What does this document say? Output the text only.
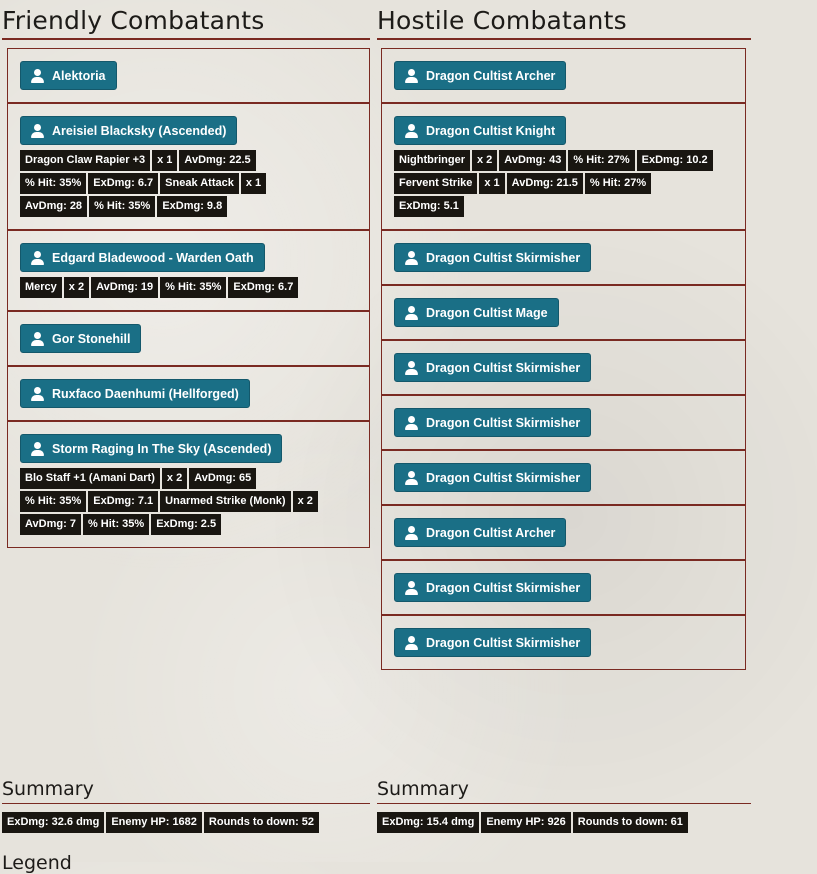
Friendly Combatants
Alektoria
Areisiel Blacksky (Ascended)
Dragon Claw Rapier +3	x 1	AvDmg: 22.5
% Hit: 35%	ExDmg: 6.7	Sneak Attack	x 1
AvDmg: 28	% Hit: 35%	ExDmg: 9.8
Edgard Bladewood - Warden Oath
Mercy	x 2	AvDmg: 19	% Hit: 35%	ExDmg: 6.7
Gor Stonehill
Ruxfaco Daenhumi (Hellforged)
Storm Raging In The Sky (Ascended)
Blo Staff +1 (Amani Dart)	x 2	AvDmg: 65
% Hit: 35%	ExDmg: 7.1	Unarmed Strike (Monk)	x 2
AvDmg: 7	% Hit: 35%	ExDmg: 2.5
Hostile Combatants
Dragon Cultist Archer
Dragon Cultist Knight
Nightbringer	x 2	AvDmg: 43	% Hit: 27%	ExDmg: 10.2
Fervent Strike	x 1	AvDmg: 21.5	% Hit: 27%
ExDmg: 5.1
Dragon Cultist Skirmisher
Dragon Cultist Mage
Dragon Cultist Skirmisher
Dragon Cultist Skirmisher
Dragon Cultist Skirmisher
Dragon Cultist Archer
Dragon Cultist Skirmisher
Dragon Cultist Skirmisher
Summary
ExDmg: 32.6 dmg	Enemy HP: 1682	Rounds to down: 52
Summary
ExDmg: 15.4 dmg	Enemy HP: 926	Rounds to down: 61
Legend
